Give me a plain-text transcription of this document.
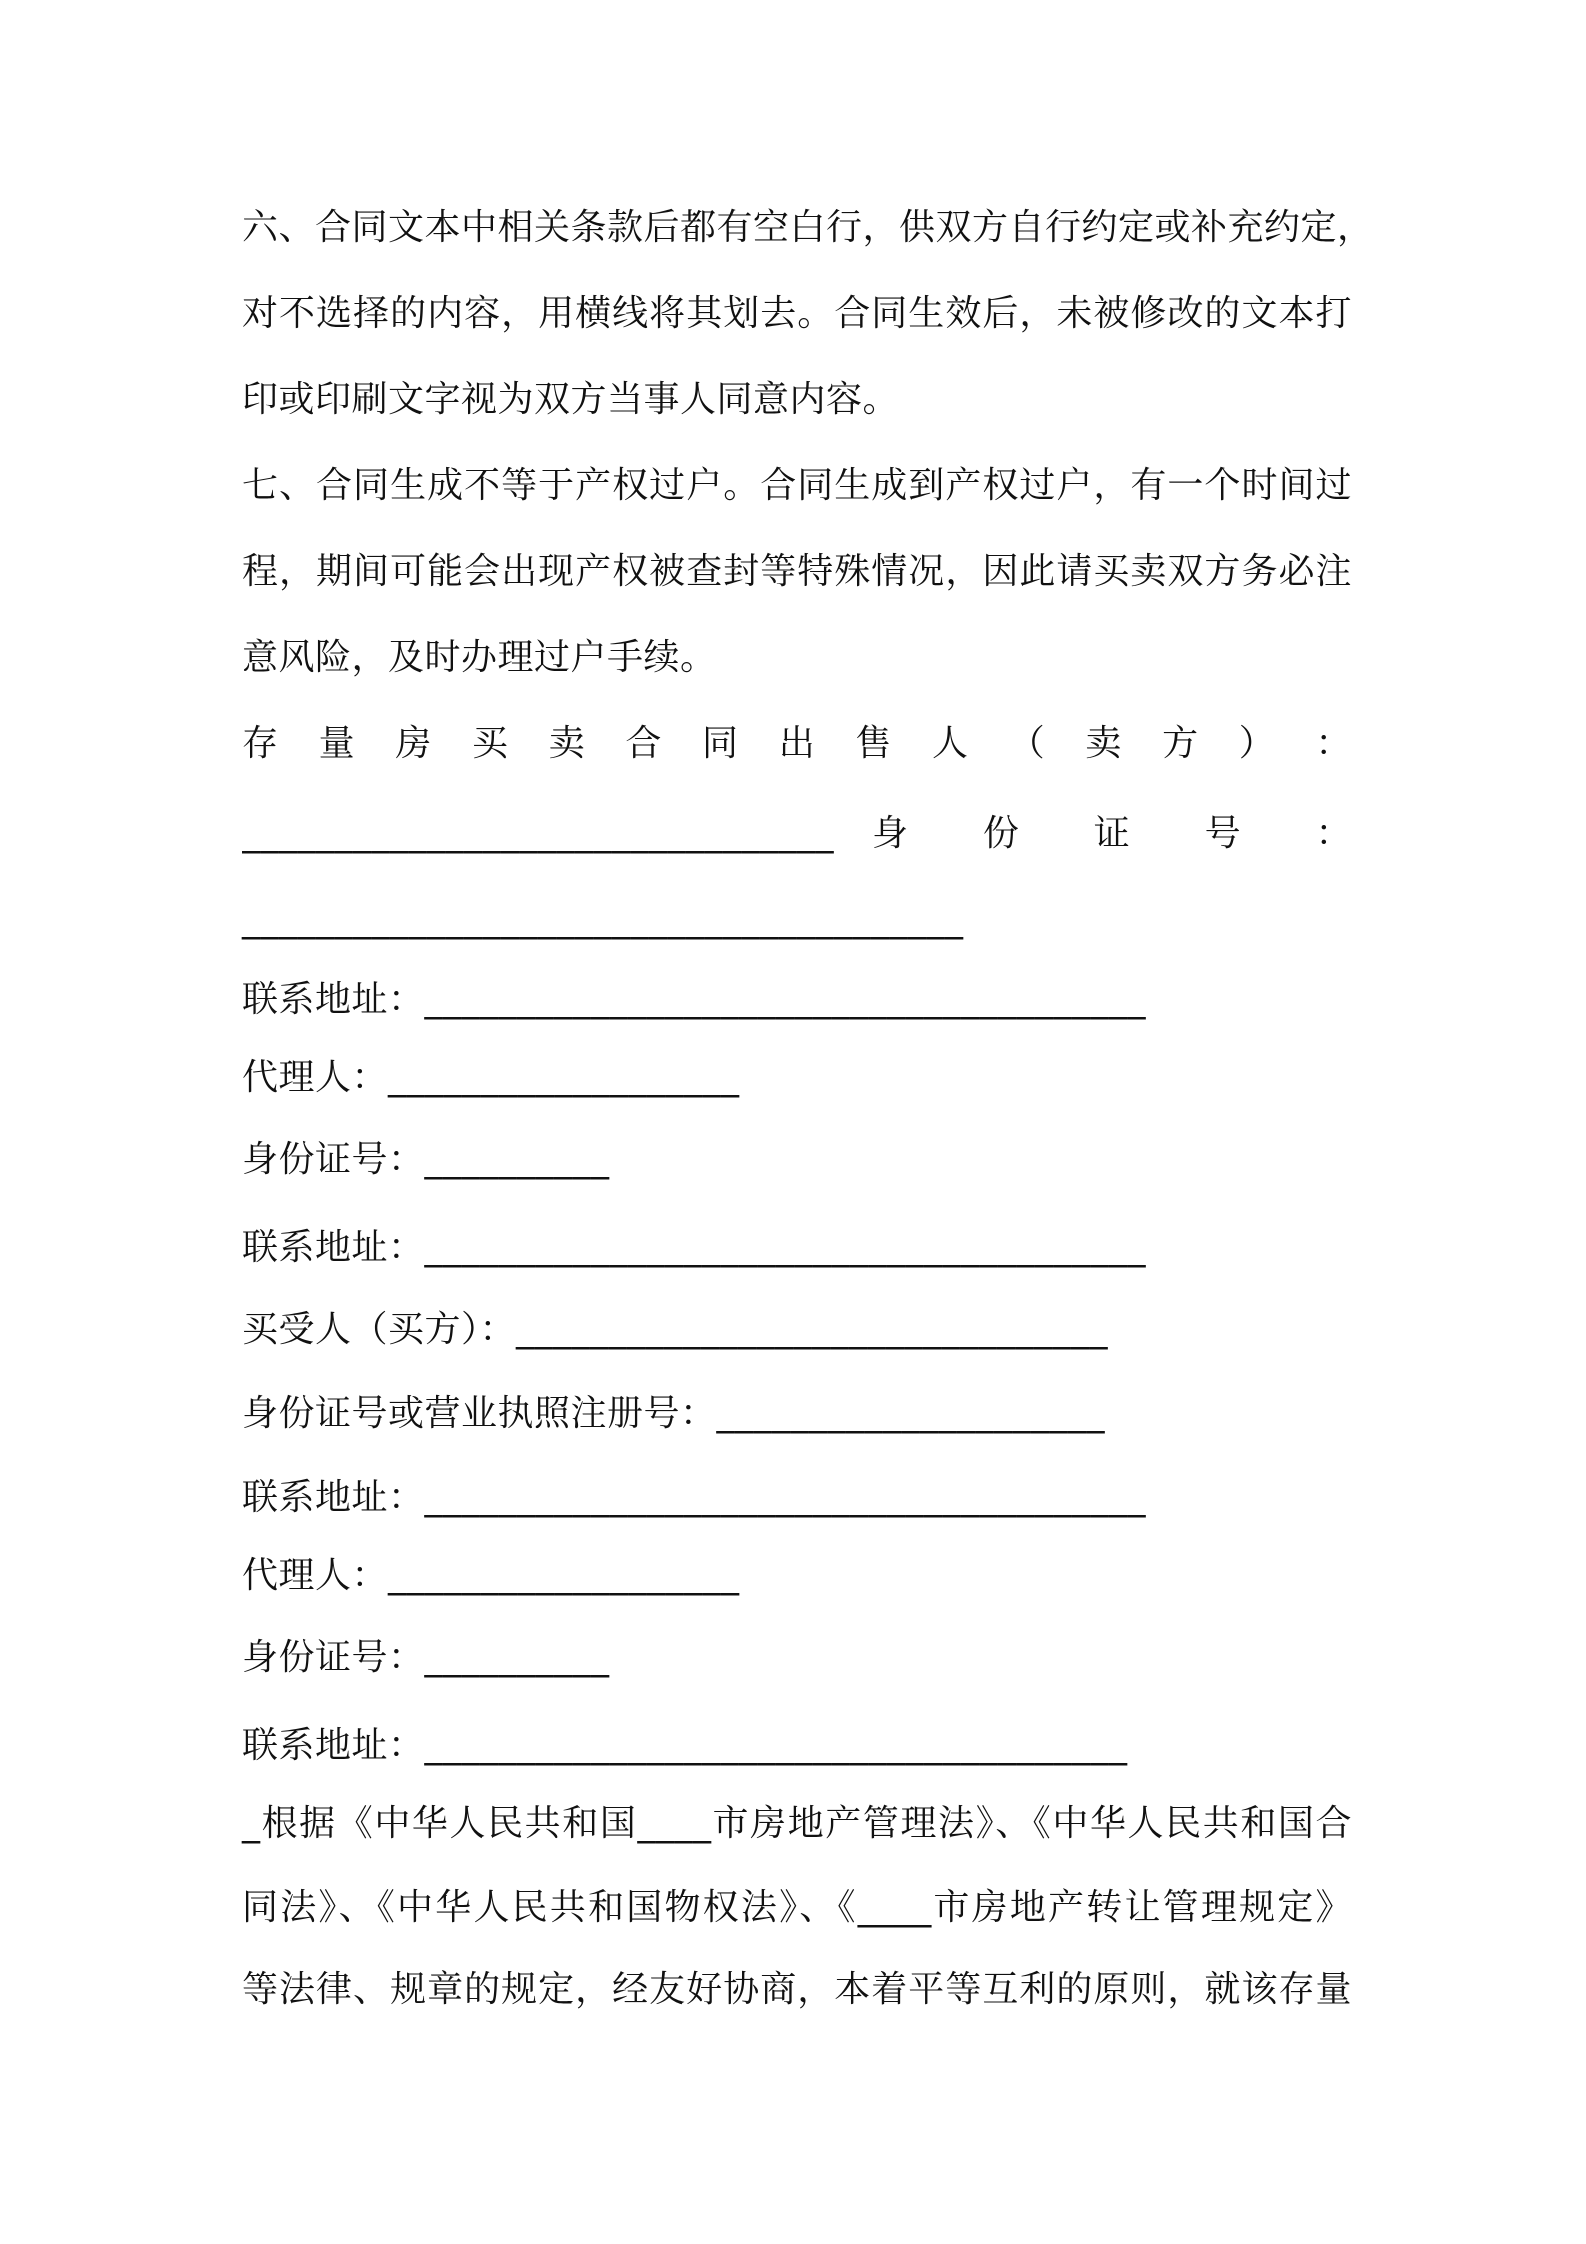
六、合同文本中相关条款后都有空白行，供双方自行约定或补充约定，
对不选择的内容，用横线将其划去。合同生效后，未被修改的文本打
印或印刷文字视为双方当事人同意内容。
七、合同生成不等于产权过户。合同生成到产权过户，有一个时间过
程，期间可能会出现产权被查封等特殊情况，因此请买卖双方务必注
意风险，及时办理过户手续。
存 量 房 买 卖 合 同 出 售 人 （ 卖 方 ） ：
________________________________	身 份 证 号 ：
_______________________________________
联系地址：_______________________________________
代理人：___________________
身份证号：__________
联系地址：_______________________________________
买受人（买方）：________________________________
身份证号或营业执照注册号：_____________________
联系地址：_______________________________________
代理人：___________________
身份证号：__________
联系地址：______________________________________
_根据《中华人民共和国____市房地产管理法》、《中华人民共和国合
同法》、《中华人民共和国物权法》、《____市房地产转让管理规定》
等法律、规章的规定，经友好协商，本着平等互利的原则，就该存量
